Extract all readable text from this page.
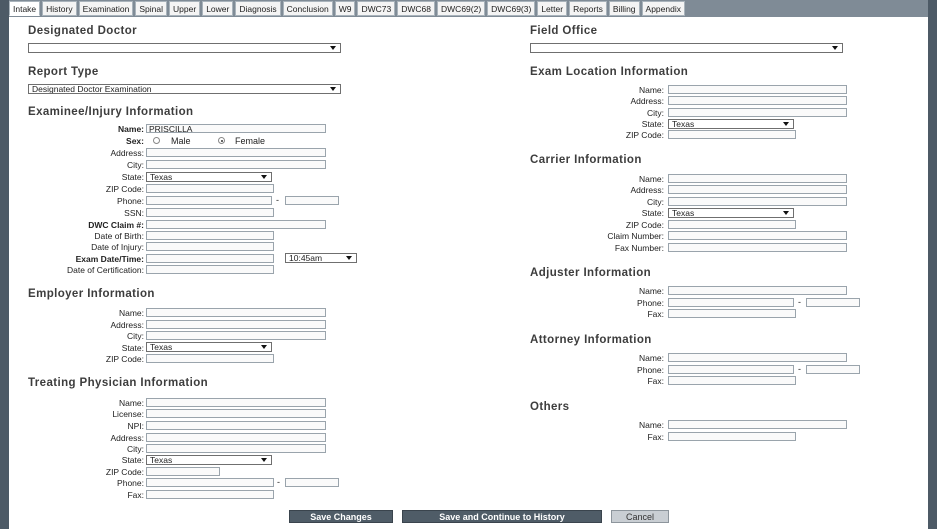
Intake	History	Examination	Spinal	Upper	Lower	Diagnosis	Conclusion	W9	DWC73	DWC68	DWC69(2)	DWC69(3)	Letter	Reports	Billing	Appendix
Designated Doctor
Report Type
Designated Doctor Examination
Examinee/Injury Information
Name: PRISCILLA
Sex:	Male	Female
Address:
City:
State: Texas
ZIP Code:
Phone:	-
SSN:
DWC Claim #:
Date of Birth:
Date of Injury:
Exam Date/Time:	10:45am
Date of Certification:
Employer Information
Name:
Address:
City:
State: Texas
ZIP Code:
Treating Physician Information
Name:
License:
NPI:
Address:
City:
State: Texas
ZIP Code:
Phone:	-
Fax:
Field Office
Exam Location Information
Name:
Address:
City:
State: Texas
ZIP Code:
Carrier Information
Name:
Address:
City:
State: Texas
ZIP Code:
Claim Number:
Fax Number:
Adjuster Information
Name:
Phone:	-
Fax:
Attorney Information
Name:
Phone:	-
Fax:
Others
Name:
Fax:
Save Changes	Save and Continue to History	Cancel
